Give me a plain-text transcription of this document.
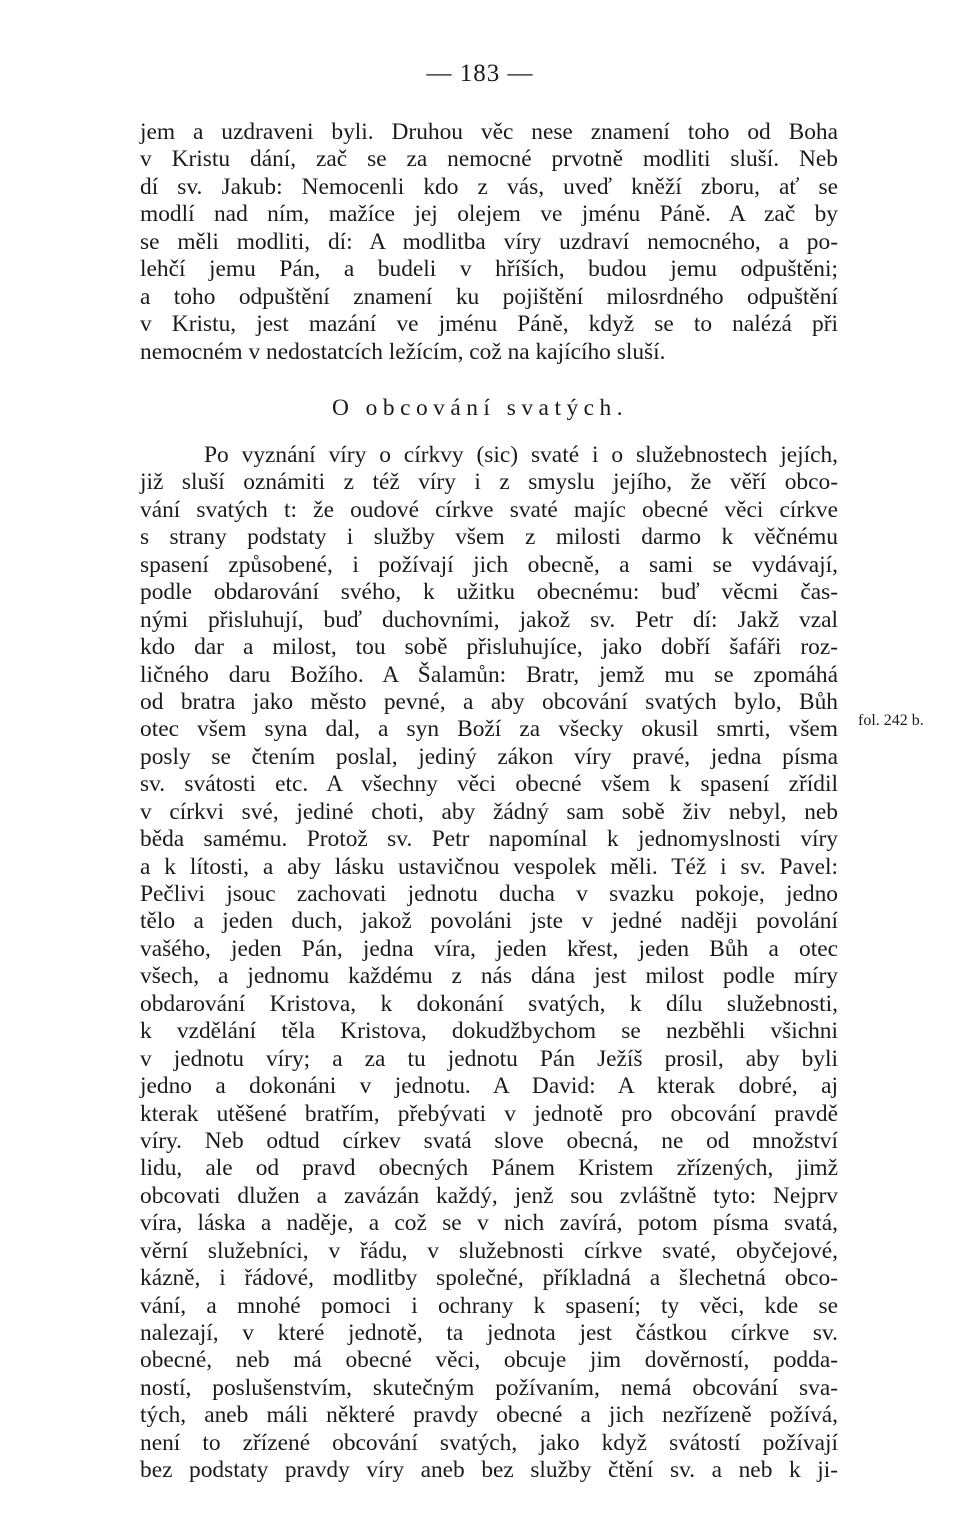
— 183 —
jem a uzdraveni byli. Druhou věc nese znamení toho od Boha
v Kristu dání, zač se za nemocné prvotně modliti sluší. Neb
dí sv. Jakub: Nemocenli kdo z vás, uveď kněží zboru, ať se
modlí nad ním, mažíce jej olejem ve jménu Páně. A zač by
se měli modliti, dí: A modlitba víry uzdraví nemocného, a po-
lehčí jemu Pán, a budeli v hříších, budou jemu odpuštěni;
a toho odpuštění znamení ku pojištění milosrdného odpuštění
v Kristu, jest mazání ve jménu Páně, když se to nalézá při
nemocném v nedostatcích ležícím, což na kajícího sluší.
O obcování svatých.
Po vyznání víry o církvy (sic) svaté i o služebnostech jejích,
již sluší oznámiti z též víry i z smyslu jejího, že věří obco-
vání svatých t: že oudové církve svaté majíc obecné věci církve
s strany podstaty i služby všem z milosti darmo k věčnému
spasení způsobené, i požívají jich obecně, a sami se vydávají,
podle obdarování svého, k užitku obecnému: buď věcmi čas-
nými přisluhují, buď duchovními, jakož sv. Petr dí: Jakž vzal
kdo dar a milost, tou sobě přisluhujíce, jako dobří šafáři roz-
ličného daru Božího. A Šalamůn: Bratr, jemž mu se zpomáhá
od bratra jako město pevné, a aby obcování svatých bylo, Bůh
otec všem syna dal, a syn Boží za všecky okusil smrti, všem
posly se čtením poslal, jediný zákon víry pravé, jedna písma
sv. svátosti etc. A všechny věci obecné všem k spasení zřídil
v církvi své, jediné choti, aby žádný sam sobě živ nebyl, neb
běda samému. Protož sv. Petr napomínal k jednomyslnosti víry
a k lítosti, a aby lásku ustavičnou vespolek měli. Též i sv. Pavel:
Pečlivi jsouc zachovati jednotu ducha v svazku pokoje, jedno
tělo a jeden duch, jakož povoláni jste v jedné naději povolání
vašého, jeden Pán, jedna víra, jeden křest, jeden Bůh a otec
všech, a jednomu každému z nás dána jest milost podle míry
obdarování Kristova, k dokonání svatých, k dílu služebnosti,
k vzdělání těla Kristova, dokudžbychom se nezběhli všichni
v jednotu víry; a za tu jednotu Pán Ježíš prosil, aby byli
jedno a dokonáni v jednotu. A David: A kterak dobré, aj
kterak utěšené bratřím, přebývati v jednotě pro obcování pravdě
víry. Neb odtud církev svatá slove obecná, ne od množství
lidu, ale od pravd obecných Pánem Kristem zřízených, jimž
obcovati dlužen a zavázán každý, jenž sou zvláštně tyto: Nejprv
víra, láska a naděje, a což se v nich zavírá, potom písma svatá,
věrní služebníci, v řádu, v služebnosti církve svaté, obyčejové,
kázně, i řádové, modlitby společné, příkladná a šlechetná obco-
vání, a mnohé pomoci i ochrany k spasení; ty věci, kde se
nalezají, v které jednotě, ta jednota jest částkou církve sv.
obecné, neb má obecné věci, obcuje jim dověrností, podda-
ností, poslušenstvím, skutečným požívaním, nemá obcování sva-
tých, aneb máli některé pravdy obecné a jich nezřízeně požívá,
není to zřízené obcování svatých, jako když svátostí požívají
bez podstaty pravdy víry aneb bez služby čtění sv. a neb k ji-
fol. 242 b.
